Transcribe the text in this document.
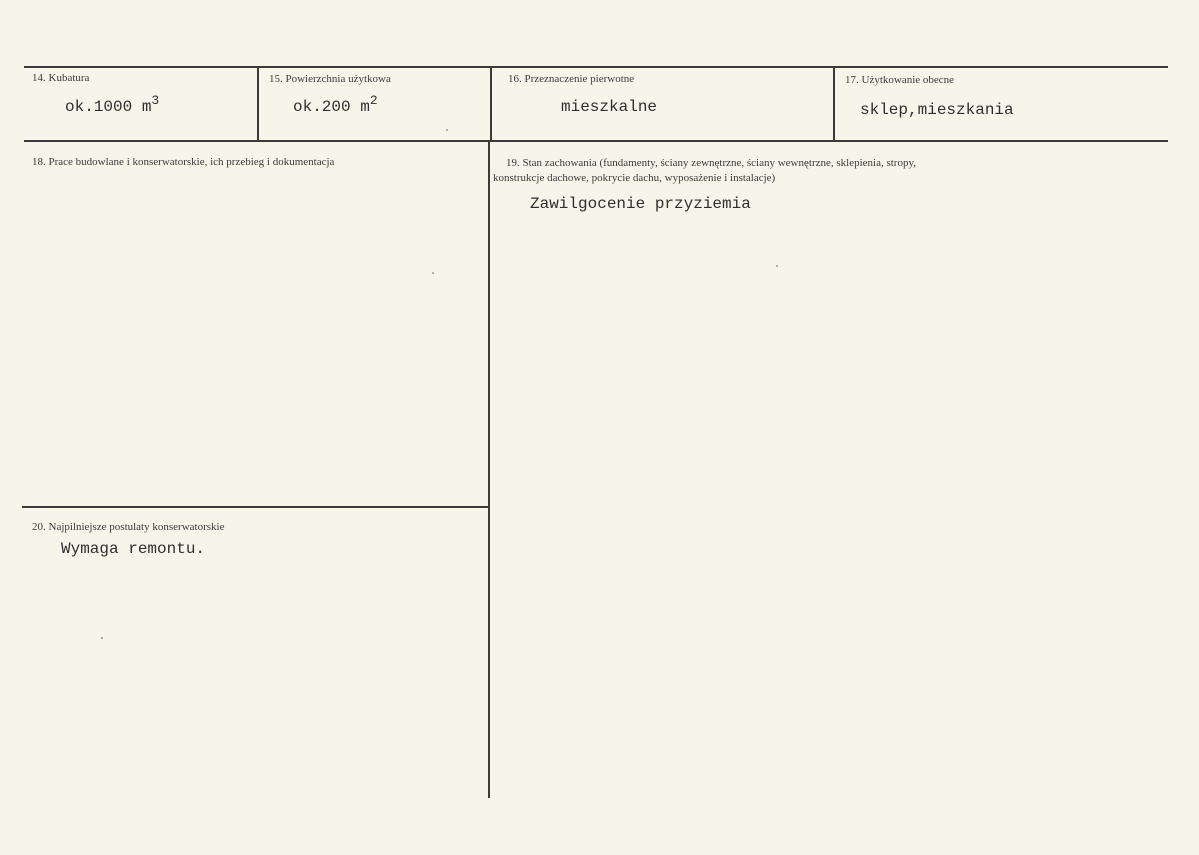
14. Kubatura
ok.1000 $m^3$
15. Powierzchnia użytkowa
ok.200 $m^2$
16. Przeznaczenie pierwotne
mieszkalne
17. Użytkowanie obecne
sklep,mieszkania
18. Prace budowlane i konserwatorskie, ich przebieg i dokumentacja	19. Stan zachowania (fundamenty, ściany zewnętrzne, ściany wewnętrzne, sklepienia, stropy,
konstrukcje dachowe, pokrycie dachu, wyposażenie i instalacje)
Zawilgocenie przyziemia
20. Najpilniejsze postulaty konserwatorskie
Wymaga remontu.
